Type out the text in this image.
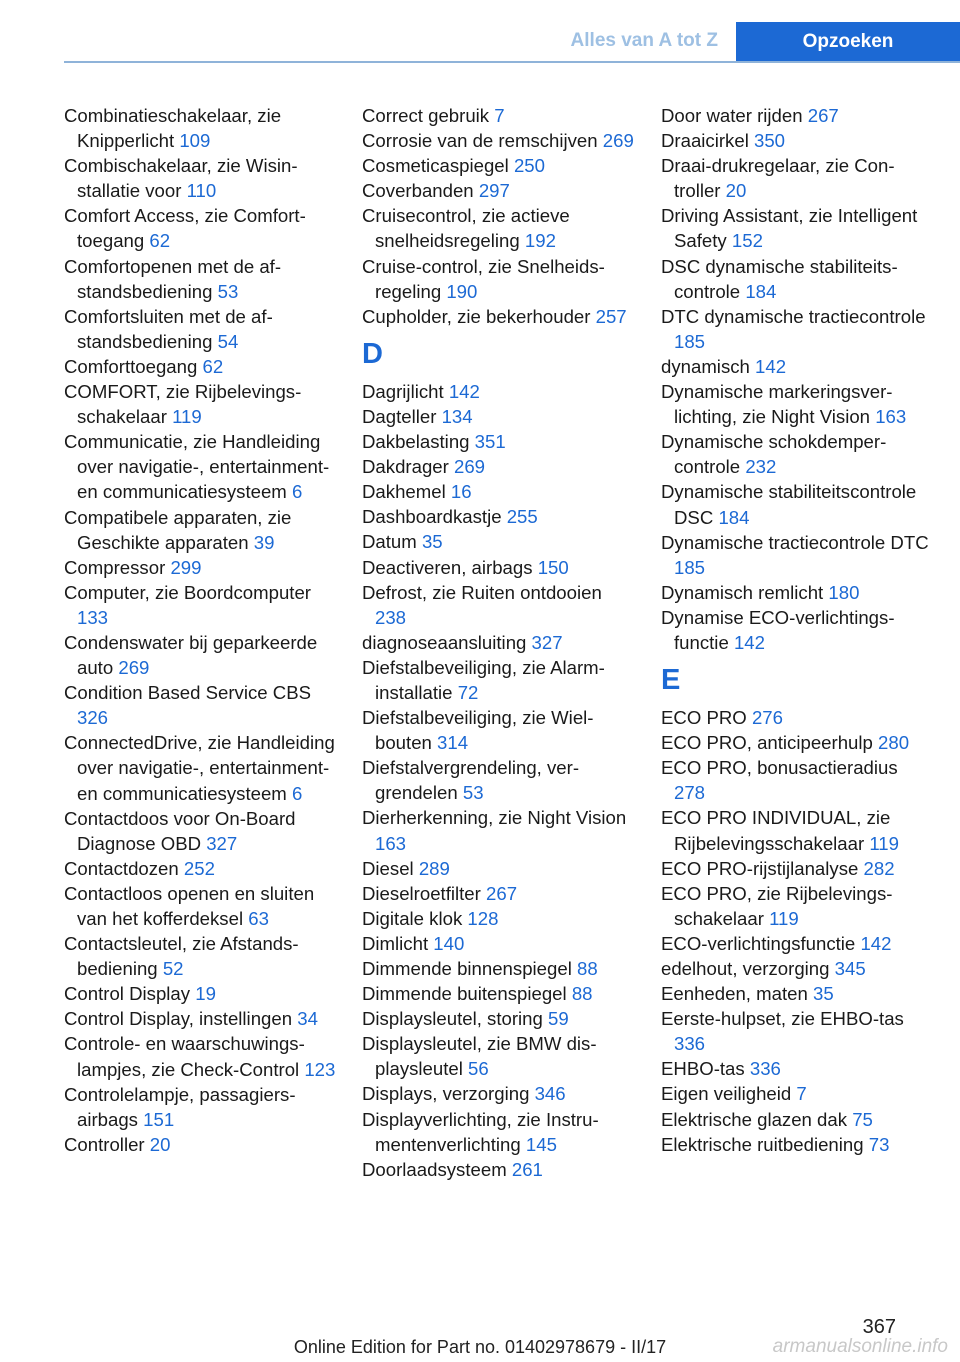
Alles van A tot Z	Opzoeken
Combinatieschakelaar, zie Knipperlicht 109
Combischakelaar, zie Wisinstallatie voor 110
Comfort Access, zie Comforttoegang 62
Comfortopenen met de afstandsbediening 53
Comfortsluiten met de afstandsbediening 54
Comforttoegang 62
COMFORT, zie Rijbelevingsschakelaar 119
Communicatie, zie Handleiding over navigatie-, entertainment- en communicatiesysteem 6
Compatibele apparaten, zie Geschikte apparaten 39
Compressor 299
Computer, zie Boordcomputer 133
Condenswater bij geparkeerde auto 269
Condition Based Service CBS 326
ConnectedDrive, zie Handleiding over navigatie-, entertainment- en communicatiesysteem 6
Contactdoos voor On-Board Diagnose OBD 327
Contactdozen 252
Contactloos openen en sluiten van het kofferdeksel 63
Contactsleutel, zie Afstandsbediening 52
Control Display 19
Control Display, instellingen 34
Controle- en waarschuwingslampjes, zie Check-Control 123
Controlelampje, passagiersairbags 151
Controller 20
Correct gebruik 7
Corrosie van de remschijven 269
Cosmeticaspiegel 250
Coverbanden 297
Cruisecontrol, zie actieve snelheidsregeling 192
Cruise-control, zie Snelheidsregeling 190
Cupholder, zie bekerhouder 257
D
Dagrijlicht 142
Dagteller 134
Dakbelasting 351
Dakdrager 269
Dakhemel 16
Dashboardkastje 255
Datum 35
Deactiveren, airbags 150
Defrost, zie Ruiten ontdooien 238
diagnoseaansluiting 327
Diefstalbeveiliging, zie Alarminstallatie 72
Diefstalbeveiliging, zie Wielbouten 314
Diefstalvergrendeling, vergrendelen 53
Dierherkenning, zie Night Vision 163
Diesel 289
Dieselroetfilter 267
Digitale klok 128
Dimlicht 140
Dimmende binnenspiegel 88
Dimmende buitenspiegel 88
Displaysleutel, storing 59
Displaysleutel, zie BMW displaysleutel 56
Displays, verzorging 346
Displayverlichting, zie Instrumentenverlichting 145
Doorlaadsysteem 261
Door water rijden 267
Draaicirkel 350
Draai-drukregelaar, zie Controller 20
Driving Assistant, zie Intelligent Safety 152
DSC dynamische stabiliteitscontrole 184
DTC dynamische tractiecontrole 185
dynamisch 142
Dynamische markeringsverlichting, zie Night Vision 163
Dynamische schokdempercontrole 232
Dynamische stabiliteitscontrole DSC 184
Dynamische tractiecontrole DTC 185
Dynamisch remlicht 180
Dynamise ECO-verlichtingsfunctie 142
E
ECO PRO 276
ECO PRO, anticipeerhulp 280
ECO PRO, bonusactieradius 278
ECO PRO INDIVIDUAL, zie Rijbelevingsschakelaar 119
ECO PRO-rijstijlanalyse 282
ECO PRO, zie Rijbelevingsschakelaar 119
ECO-verlichtingsfunctie 142
edelhout, verzorging 345
Eenheden, maten 35
Eerste-hulpset, zie EHBO-tas 336
EHBO-tas 336
Eigen veiligheid 7
Elektrische glazen dak 75
Elektrische ruitbediening 73
367
Online Edition for Part no. 01402978679 - II/17	armanualsonline.info
